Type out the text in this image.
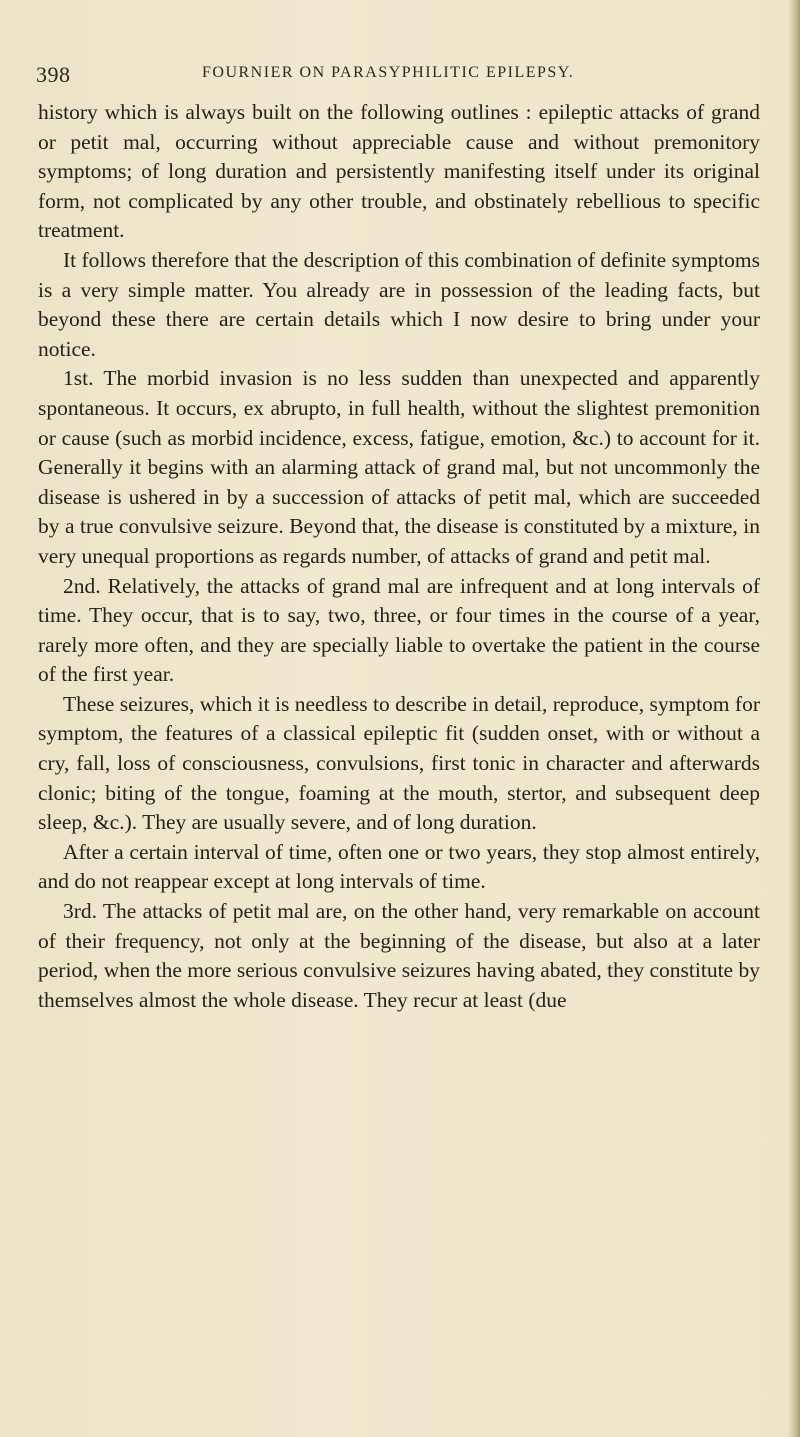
398	FOURNIER ON PARASYPHILITIC EPILEPSY.

history which is always built on the following outlines : epileptic attacks of grand or petit mal, occurring without appreciable cause and without premonitory symptoms; of long duration and persistently manifesting itself under its original form, not complicated by any other trouble, and obstinately rebellious to specific treatment.

It follows therefore that the description of this combination of definite symptoms is a very simple matter. You already are in possession of the leading facts, but beyond these there are certain details which I now desire to bring under your notice.

1st. The morbid invasion is no less sudden than unexpected and apparently spontaneous. It occurs, ex abrupto, in full health, without the slightest premonition or cause (such as morbid incidence, excess, fatigue, emotion, &c.) to account for it. Generally it begins with an alarming attack of grand mal, but not uncommonly the disease is ushered in by a succession of attacks of petit mal, which are succeeded by a true convulsive seizure. Beyond that, the disease is constituted by a mixture, in very unequal proportions as regards number, of attacks of grand and petit mal.

2nd. Relatively, the attacks of grand mal are infrequent and at long intervals of time. They occur, that is to say, two, three, or four times in the course of a year, rarely more often, and they are specially liable to overtake the patient in the course of the first year.

These seizures, which it is needless to describe in detail, reproduce, symptom for symptom, the features of a classical epileptic fit (sudden onset, with or without a cry, fall, loss of consciousness, convulsions, first tonic in character and afterwards clonic; biting of the tongue, foaming at the mouth, stertor, and subsequent deep sleep, &c.). They are usually severe, and of long duration.

After a certain interval of time, often one or two years, they stop almost entirely, and do not reappear except at long intervals of time.

3rd. The attacks of petit mal are, on the other hand, very remarkable on account of their frequency, not only at the beginning of the disease, but also at a later period, when the more serious convulsive seizures having abated, they constitute by themselves almost the whole disease. They recur at least (due
